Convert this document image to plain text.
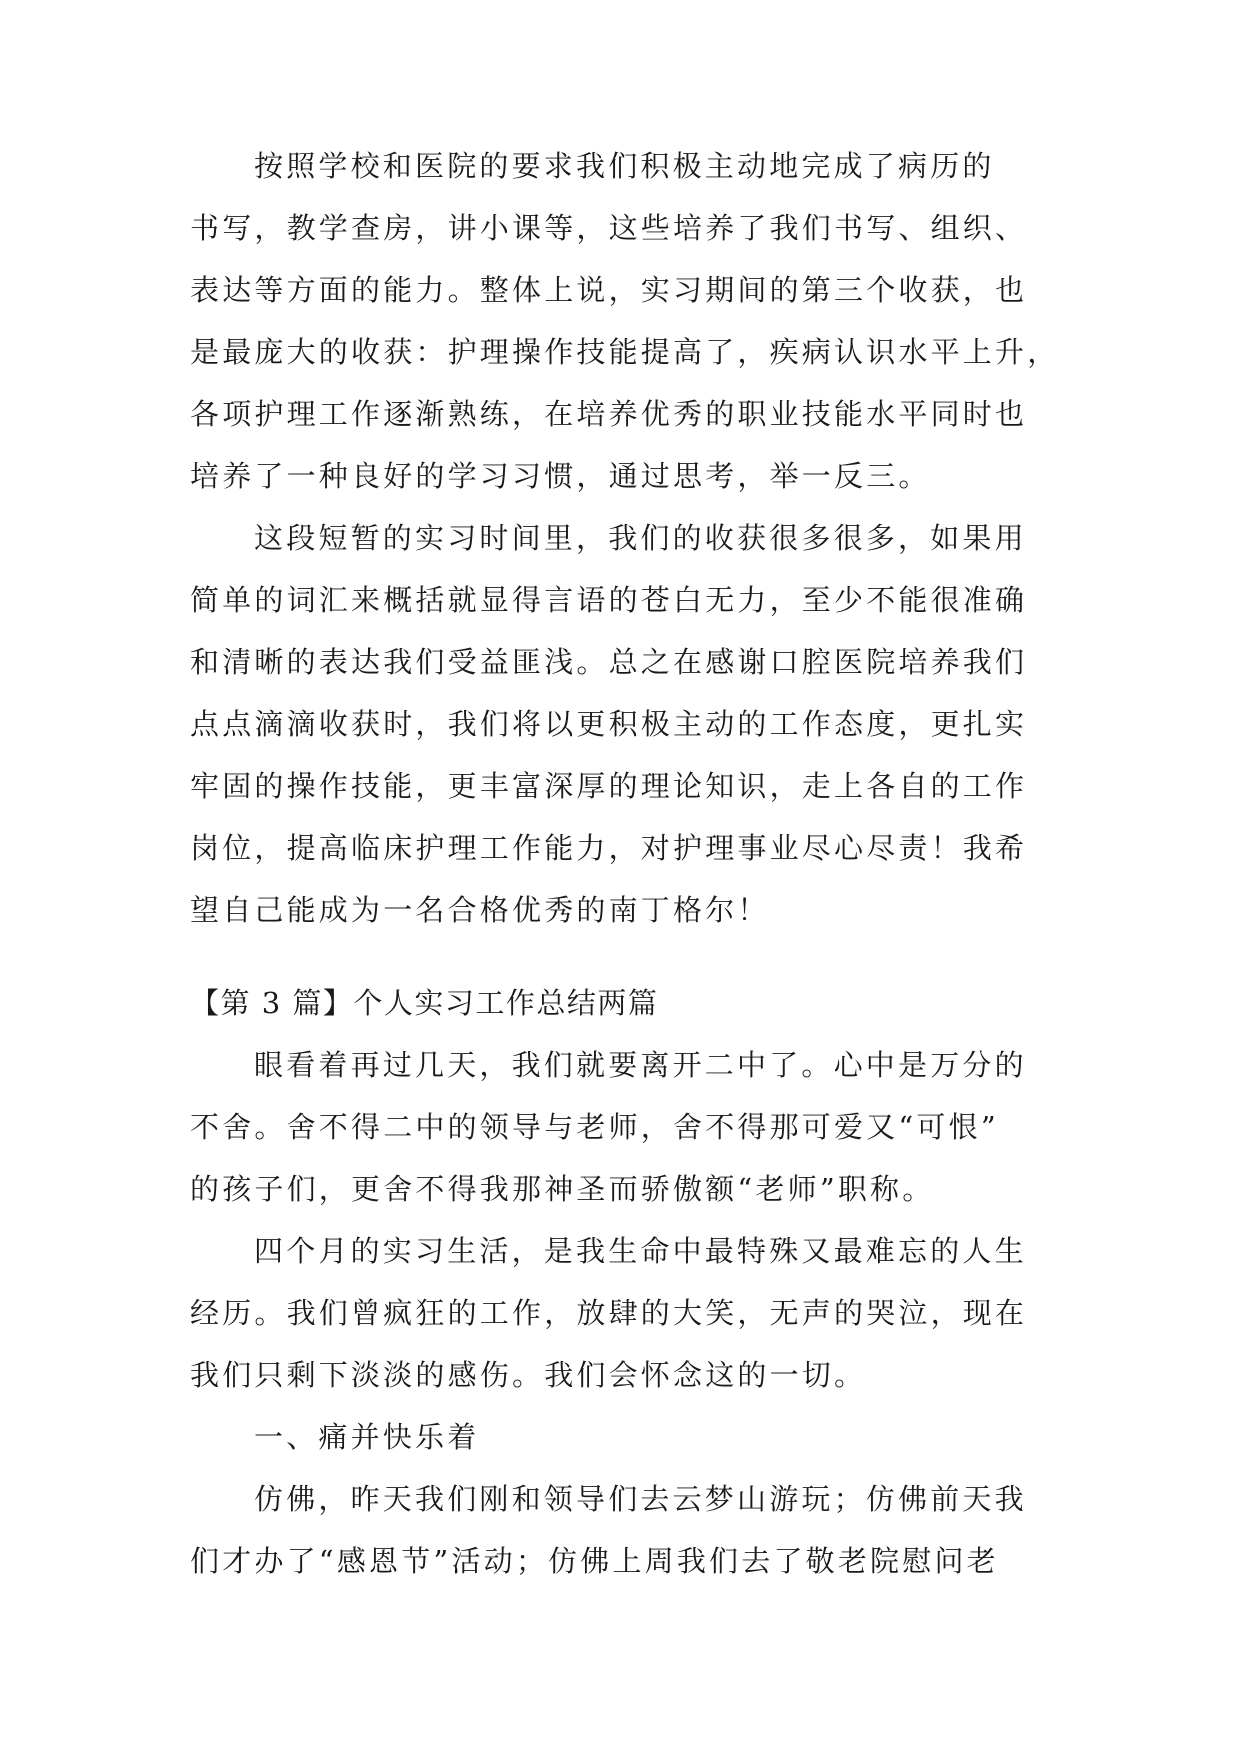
按照学校和医院的要求我们积极主动地完成了病历的

书写，教学查房，讲小课等，这些培养了我们书写、组织、

表达等方面的能力。整体上说，实习期间的第三个收获，也

是最庞大的收获：护理操作技能提高了，疾病认识水平上升，

各项护理工作逐渐熟练，在培养优秀的职业技能水平同时也

培养了一种良好的学习习惯，通过思考，举一反三。

这段短暂的实习时间里，我们的收获很多很多，如果用

简单的词汇来概括就显得言语的苍白无力，至少不能很准确

和清晰的表达我们受益匪浅。总之在感谢口腔医院培养我们

点点滴滴收获时，我们将以更积极主动的工作态度，更扎实

牢固的操作技能，更丰富深厚的理论知识，走上各自的工作

岗位，提高临床护理工作能力，对护理事业尽心尽责！我希

望自己能成为一名合格优秀的南丁格尔！

【第 3 篇】个人实习工作总结两篇

眼看着再过几天，我们就要离开二中了。心中是万分的

不舍。舍不得二中的领导与老师，舍不得那可爱又“可恨”

的孩子们，更舍不得我那神圣而骄傲额“老师”职称。

四个月的实习生活，是我生命中最特殊又最难忘的人生

经历。我们曾疯狂的工作，放肆的大笑，无声的哭泣，现在

我们只剩下淡淡的感伤。我们会怀念这的一切。

一、痛并快乐着

仿佛，昨天我们刚和领导们去云梦山游玩；仿佛前天我

们才办了“感恩节”活动；仿佛上周我们去了敬老院慰问老
